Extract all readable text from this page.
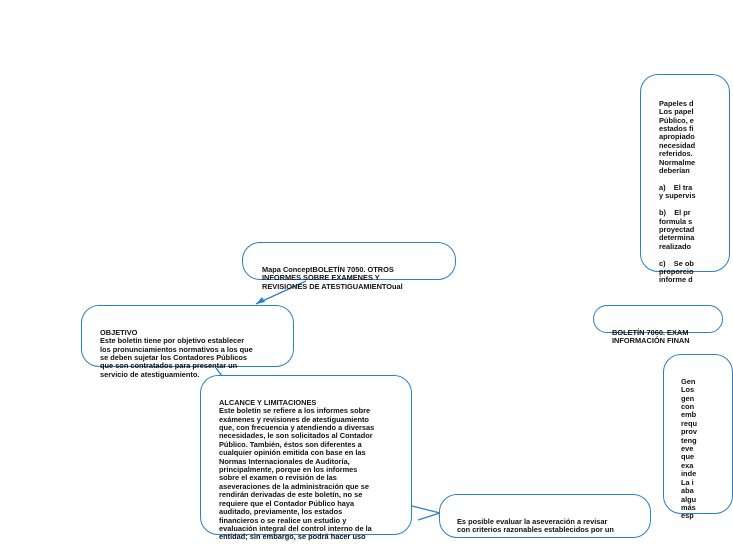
Mapa ConceptBOLETÍN 7050. OTROS
INFORMES SOBRE EXAMENES Y
REVISIONES DE ATESTIGUAMIENTOual

OBJETIVO
Este boletín tiene por objetivo establecer
los pronunciamientos normativos a los que
se deben sujetar los Contadores Públicos
que son contratados para presentar un
servicio de atestiguamiento.

ALCANCE Y LIMITACIONES
Este boletín se refiere a los informes sobre
exámenes y revisiones de atestiguamiento
que, con frecuencia y atendiendo a diversas
necesidades, le son solicitados al Contador
Público. También, éstos son diferentes a
cualquier opinión emitida con base en las
Normas Internacionales de Auditoría,
principalmente, porque en los informes
sobre el examen o revisión de las
aseveraciones de la administración que se
rendirán derivadas de este boletín, no se
requiere que el Contador Público haya
auditado, previamente, los estados
financieros o se realice un estudio y
evaluación integral del control interno de la
entidad; sin embargo, se podrá hacer uso

Es posible evaluar la aseveración a revisar
con criterios razonables establecidos por un

Papeles d
Los papel
Público, e
estados fi
apropiado
necesidad
referidos.
Normalme
deberían

a)    El tra
y supervis

b)    El pr
formula s
proyectad
determina
realizado

c)    Se ob
proporcio
informe d

BOLETÍN 7060. EXAM
INFORMACIÓN FINAN

Gen
Los
gen
con
emb
requ
prov
teng
eve
que
exa
inde
La i
aba
algu
más
esp
